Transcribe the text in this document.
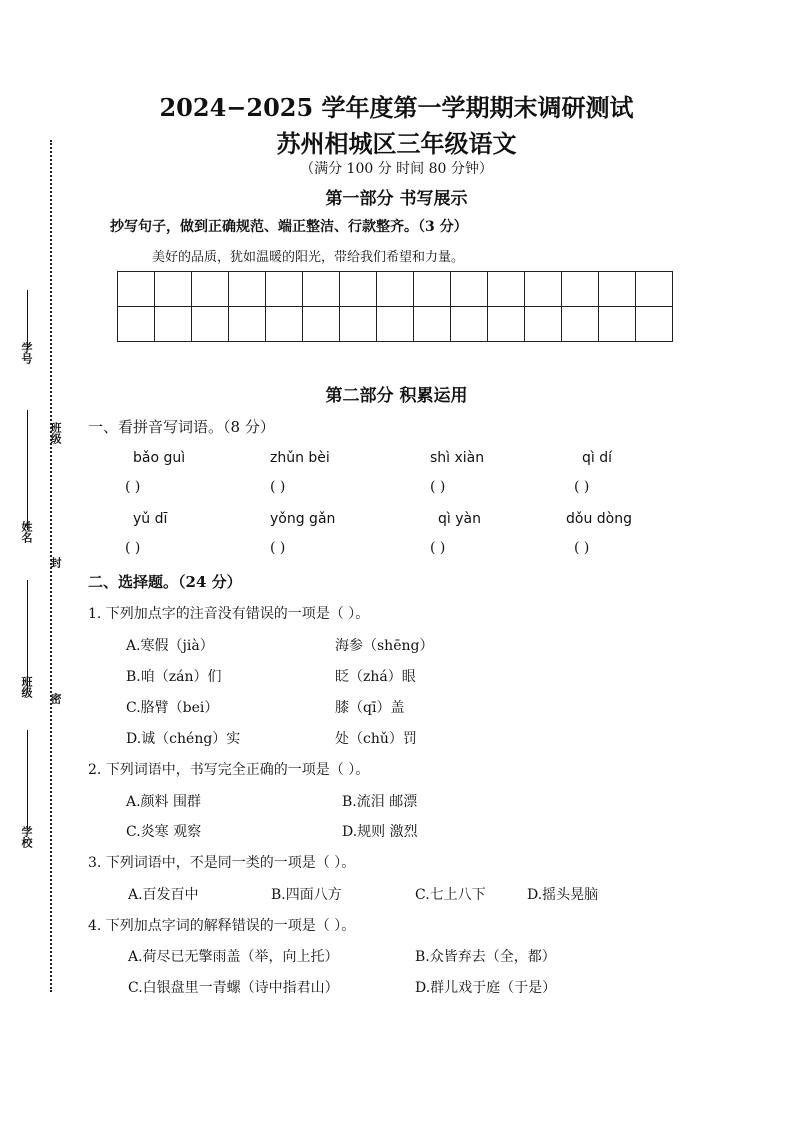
学号
班级
姓名
封
班级
密
学校
2024−2025 学年度第一学期期末调研测试
苏州相城区三年级语文
（满分 100 分 时间 80 分钟）
第一部分 书写展示
抄写句子，做到正确规范、端正整洁、行款整齐。（3 分）
美好的品质，犹如温暖的阳光，带给我们希望和力量。

第二部分 积累运用
一、看拼音写词语。（8 分）
bǎo guì	zhǔn bèi	shì xiàn	qì dí
( )	( )	( )	( )
yǔ dī	yǒng gǎn	qì yàn	dǒu dòng
( )	( )	( )	( )
二、选择题。（24 分）
1. 下列加点字的注音没有错误的一项是（ ）。
A.寒假（jià）	海参（shēng）
B.咱（zán）们	眨（zhá）眼
C.胳臂（bei）	膝（qī）盖
D.诚（chéng）实	处（chǔ）罚
2. 下列词语中，书写完全正确的一项是（ ）。
A.颜料 围群	B.流泪 邮漂
C.炎寒 观察	D.规则 激烈
3. 下列词语中，不是同一类的一项是（ ）。
A.百发百中	B.四面八方	C.七上八下	D.摇头晃脑
4. 下列加点字词的解释错误的一项是（ ）。
A.荷尽已无擎雨盖（举，向上托）	B.众皆弃去（全，都）
C.白银盘里一青螺（诗中指君山）	D.群儿戏于庭（于是）
